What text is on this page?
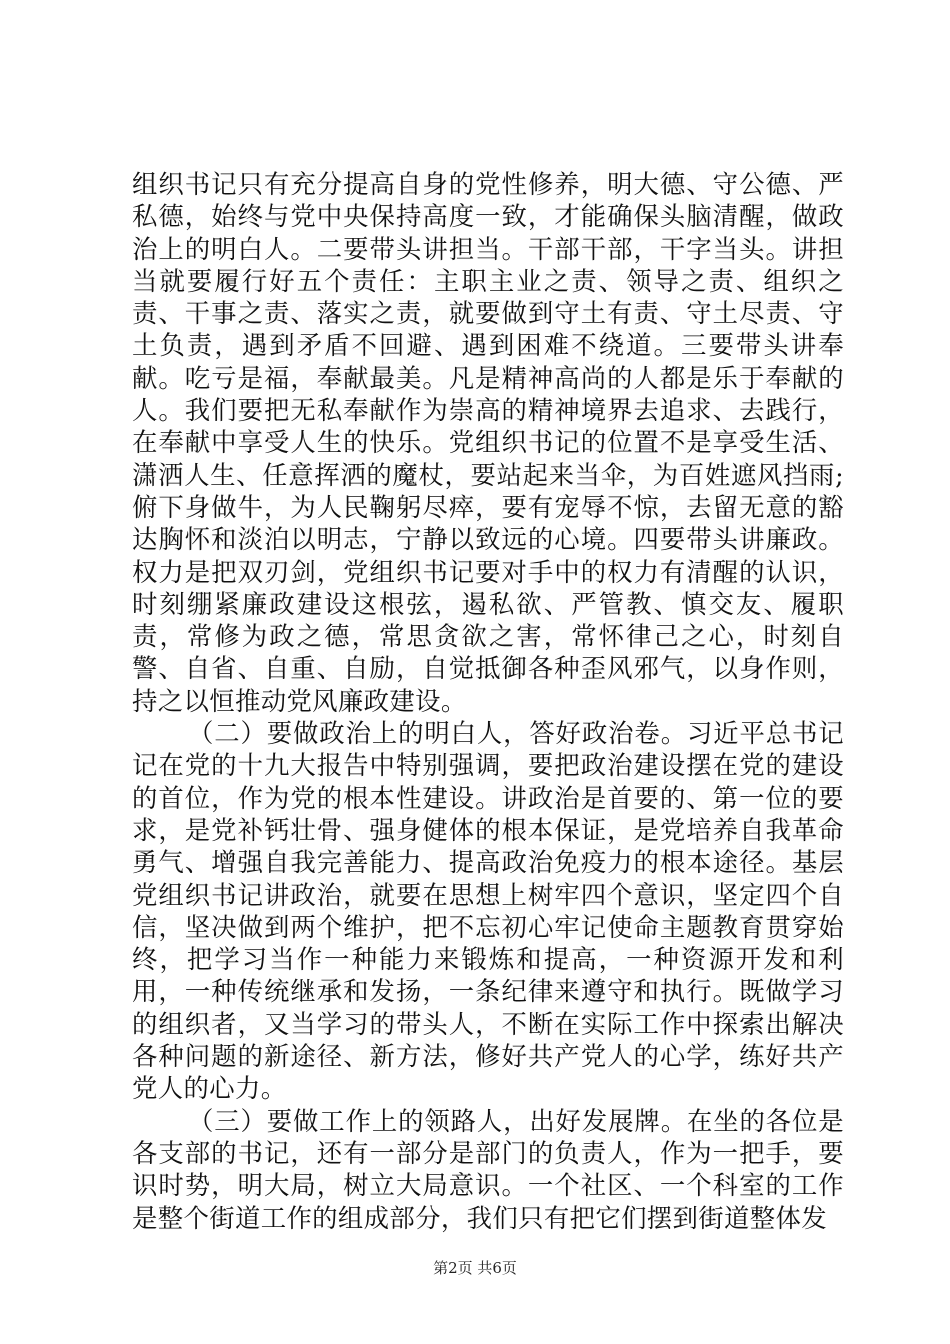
组织书记只有充分提高自身的党性修养，明大德、守公德、严私德，始终与党中央保持高度一致，才能确保头脑清醒，做政治上的明白人。二要带头讲担当。干部干部，干字当头。讲担当就要履行好五个责任：主职主业之责、领导之责、组织之责、干事之责、落实之责，就要做到守土有责、守土尽责、守土负责，遇到矛盾不回避、遇到困难不绕道。三要带头讲奉献。吃亏是福，奉献最美。凡是精神高尚的人都是乐于奉献的人。我们要把无私奉献作为崇高的精神境界去追求、去践行，在奉献中享受人生的快乐。党组织书记的位置不是享受生活、潇洒人生、任意挥洒的魔杖，要站起来当伞，为百姓遮风挡雨;俯下身做牛，为人民鞠躬尽瘁，要有宠辱不惊，去留无意的豁达胸怀和淡泊以明志，宁静以致远的心境。四要带头讲廉政。权力是把双刃剑，党组织书记要对手中的权力有清醒的认识，时刻绷紧廉政建设这根弦，遏私欲、严管教、慎交友、履职责，常修为政之德，常思贪欲之害，常怀律己之心，时刻自警、自省、自重、自励，自觉抵御各种歪风邪气，以身作则，持之以恒推动党风廉政建设。

（二）要做政治上的明白人，答好政治卷。习近平总书记记在党的十九大报告中特别强调，要把政治建设摆在党的建设的首位，作为党的根本性建设。讲政治是首要的、第一位的要求，是党补钙壮骨、强身健体的根本保证，是党培养自我革命勇气、增强自我完善能力、提高政治免疫力的根本途径。基层党组织书记讲政治，就要在思想上树牢四个意识，坚定四个自信，坚决做到两个维护，把不忘初心牢记使命主题教育贯穿始终，把学习当作一种能力来锻炼和提高，一种资源开发和利用，一种传统继承和发扬，一条纪律来遵守和执行。既做学习的组织者，又当学习的带头人，不断在实际工作中探索出解决各种问题的新途径、新方法，修好共产党人的心学，练好共产党人的心力。

（三）要做工作上的领路人，出好发展牌。在坐的各位是各支部的书记，还有一部分是部门的负责人，作为一把手，要识时势，明大局，树立大局意识。一个社区、一个科室的工作是整个街道工作的组成部分，我们只有把它们摆到街道整体发

第2页 共6页
